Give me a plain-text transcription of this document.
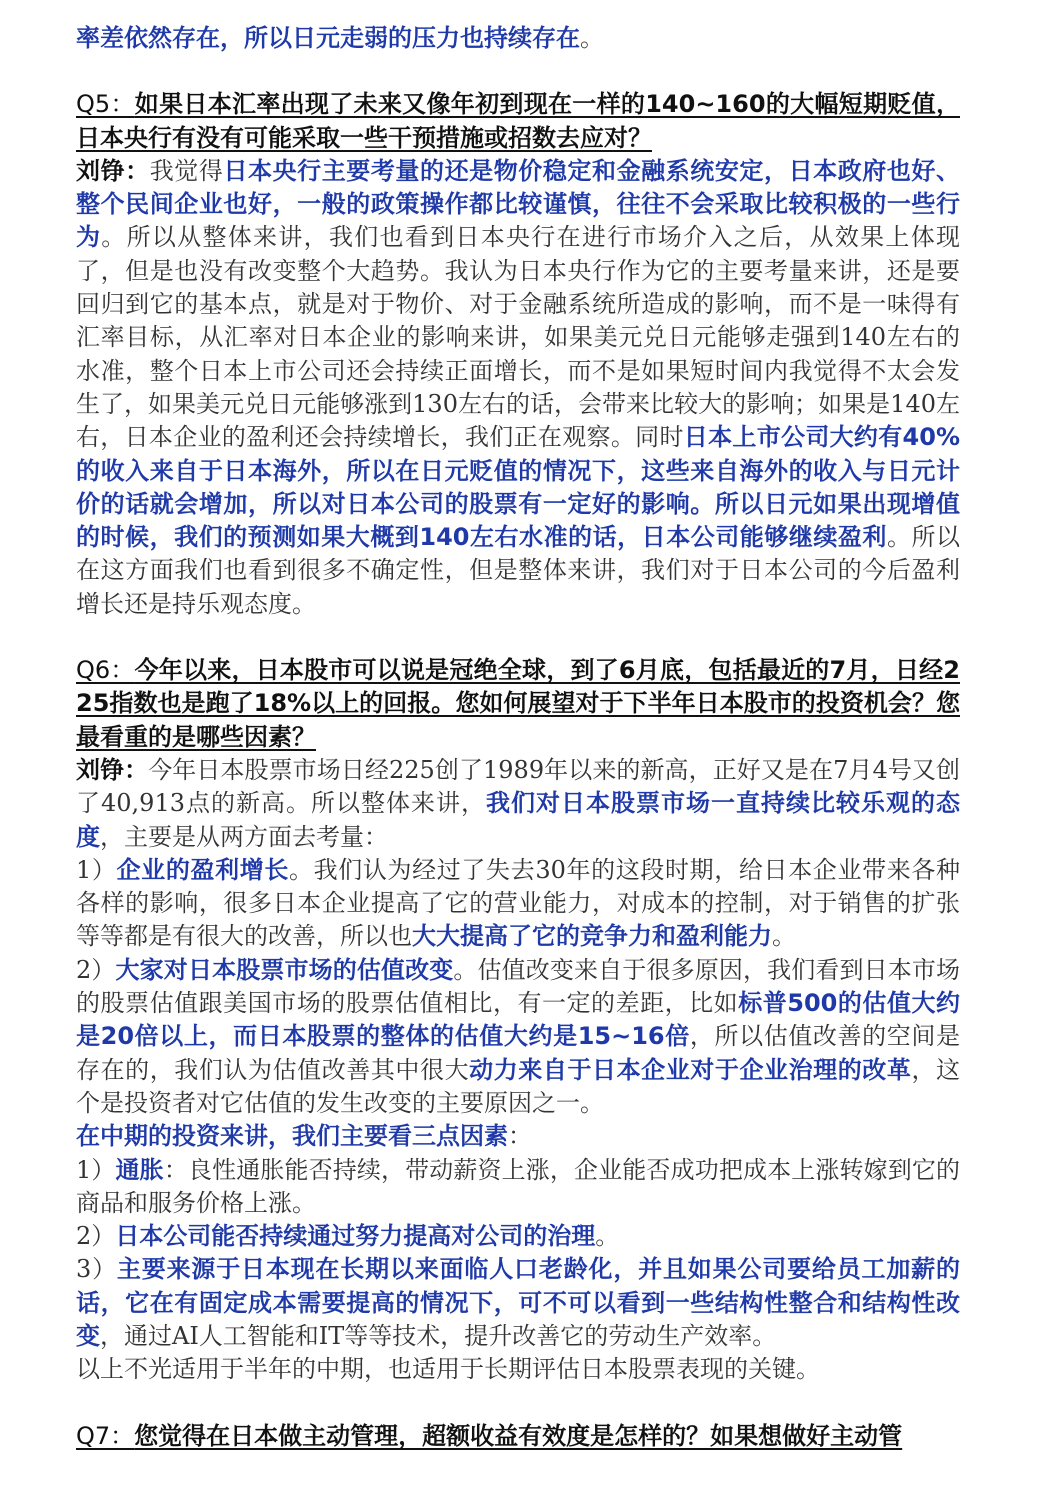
率差依然存在，所以日元走弱的压力也持续存在。

Q5：如果日本汇率出现了未来又像年初到现在一样的140~160的大幅短期贬值，日本央行有没有可能采取一些干预措施或招数去应对？

刘铮：我觉得日本央行主要考量的还是物价稳定和金融系统安定，日本政府也好、整个民间企业也好，一般的政策操作都比较谨慎，往往不会采取比较积极的一些行为。所以从整体来讲，我们也看到日本央行在进行市场介入之后，从效果上体现了，但是也没有改变整个大趋势。我认为日本央行作为它的主要考量来讲，还是要回归到它的基本点，就是对于物价、对于金融系统所造成的影响，而不是一味得有汇率目标，从汇率对日本企业的影响来讲，如果美元兑日元能够走强到140左右的水准，整个日本上市公司还会持续正面增长，而不是如果短时间内我觉得不太会发生了，如果美元兑日元能够涨到130左右的话，会带来比较大的影响；如果是140左右，日本企业的盈利还会持续增长，我们正在观察。同时日本上市公司大约有40%的收入来自于日本海外，所以在日元贬值的情况下，这些来自海外的收入与日元计价的话就会增加，所以对日本公司的股票有一定好的影响。所以日元如果出现增值的时候，我们的预测如果大概到140左右水准的话，日本公司能够继续盈利。所以在这方面我们也看到很多不确定性，但是整体来讲，我们对于日本公司的今后盈利增长还是持乐观态度。

Q6：今年以来，日本股市可以说是冠绝全球，到了6月底，包括最近的7月，日经225指数也是跑了18%以上的回报。您如何展望对于下半年日本股市的投资机会？您最看重的是哪些因素？

刘铮：今年日本股票市场日经225创了1989年以来的新高，正好又是在7月4号又创了40,913点的新高。所以整体来讲，我们对日本股票市场一直持续比较乐观的态度，主要是从两方面去考量：

1）企业的盈利增长。我们认为经过了失去30年的这段时期，给日本企业带来各种各样的影响，很多日本企业提高了它的营业能力，对成本的控制，对于销售的扩张等等都是有很大的改善，所以也大大提高了它的竞争力和盈利能力。

2）大家对日本股票市场的估值改变。估值改变来自于很多原因，我们看到日本市场的股票估值跟美国市场的股票估值相比，有一定的差距，比如标普500的估值大约是20倍以上，而日本股票的整体的估值大约是15~16倍，所以估值改善的空间是存在的，我们认为估值改善其中很大动力来自于日本企业对于企业治理的改革，这个是投资者对它估值的发生改变的主要原因之一。

在中期的投资来讲，我们主要看三点因素：

1）通胀：良性通胀能否持续，带动薪资上涨，企业能否成功把成本上涨转嫁到它的商品和服务价格上涨。

2）日本公司能否持续通过努力提高对公司的治理。

3）主要来源于日本现在长期以来面临人口老龄化，并且如果公司要给员工加薪的话，它在有固定成本需要提高的情况下，可不可以看到一些结构性整合和结构性改变，通过AI人工智能和IT等等技术，提升改善它的劳动生产效率。

以上不光适用于半年的中期，也适用于长期评估日本股票表现的关键。

Q7：您觉得在日本做主动管理，超额收益有效度是怎样的？如果想做好主动管
